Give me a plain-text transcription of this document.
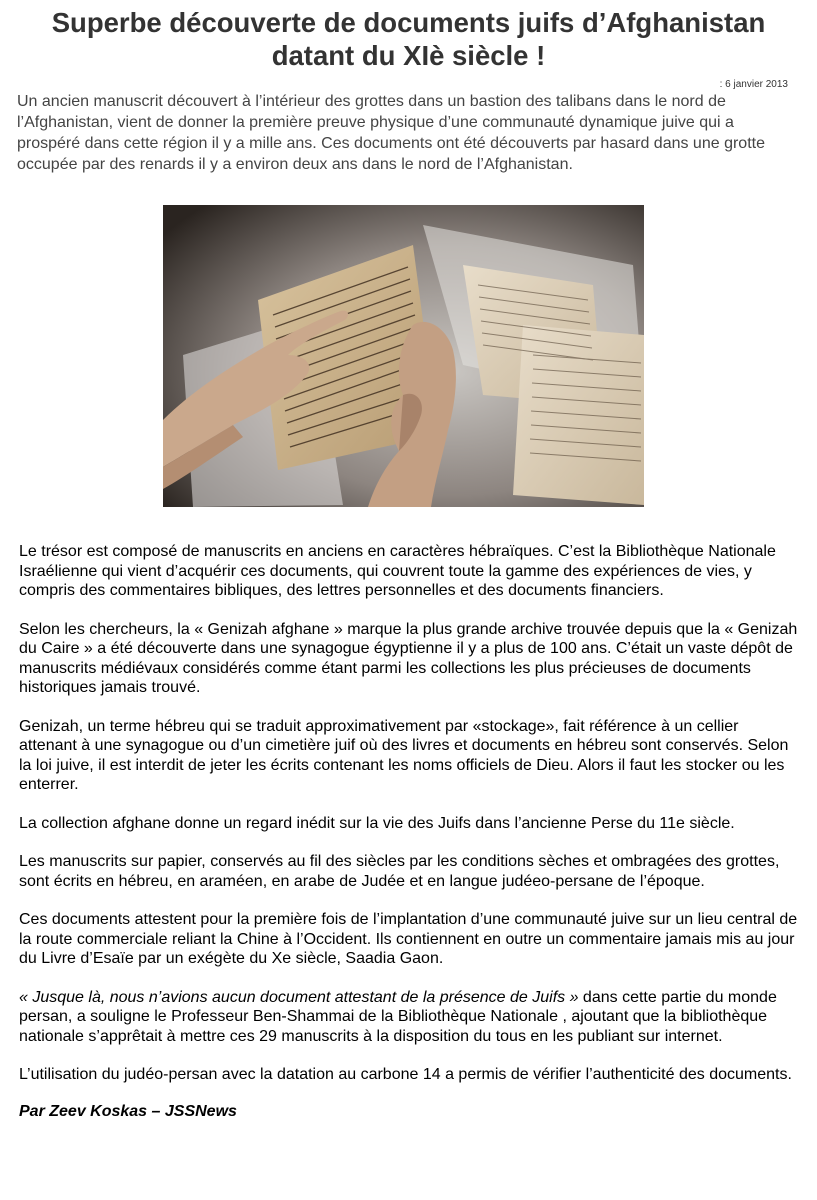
Superbe découverte de documents juifs d’Afghanistan
datant du XIè siècle !
: 6 janvier 2013

Un ancien manuscrit découvert à l’intérieur des grottes dans un bastion des talibans dans le nord de l’Afghanistan, vient de donner la première preuve physique d’une communauté dynamique juive qui a prospéré dans cette région il y a mille ans. Ces documents ont été découverts par hasard dans une grotte occupée par des renards il y a environ deux ans dans le nord de l’Afghanistan.

Le trésor est composé de manuscrits en anciens en caractères hébraïques. C’est la Bibliothèque Nationale Israélienne qui vient d’acquérir ces documents, qui couvrent toute la gamme des expériences de vies, y compris des commentaires bibliques, des lettres personnelles et des documents financiers.

Selon les chercheurs, la « Genizah afghane » marque la plus grande archive trouvée depuis que la « Genizah du Caire » a été découverte dans une synagogue égyptienne il y a plus de 100 ans. C’était un vaste dépôt de manuscrits médiévaux considérés comme étant parmi les collections les plus précieuses de documents historiques jamais trouvé.

Genizah, un terme hébreu qui se traduit approximativement par «stockage», fait référence à un cellier attenant à une synagogue ou d’un cimetière juif où des livres et documents en hébreu sont conservés. Selon la loi juive, il est interdit de jeter les écrits contenant les noms officiels de Dieu. Alors il faut les stocker ou les enterrer.

La collection afghane donne un regard inédit sur la vie des Juifs dans l’ancienne Perse du 11e siècle.

Les manuscrits sur papier, conservés au fil des siècles par les conditions sèches et ombragées des grottes, sont écrits en hébreu, en araméen, en arabe de Judée et en langue judéeo-persane de l’époque.

Ces documents attestent pour la première fois de l’implantation d’une communauté juive sur un lieu central de la route commerciale reliant la Chine à l’Occident. Ils contiennent en outre un commentaire jamais mis au jour du Livre d’Esaïe par un exégète du Xe siècle, Saadia Gaon.

« Jusque là, nous n’avions aucun document attestant de la présence de Juifs » dans cette partie du monde persan, a souligne le Professeur Ben-Shammai de la Bibliothèque Nationale , ajoutant que la bibliothèque nationale s’apprêtait à mettre ces 29 manuscrits à la disposition du tous en les publiant sur internet.

L’utilisation du judéo-persan avec la datation au carbone 14 a permis de vérifier l’authenticité des documents.

Par Zeev Koskas – JSSNews
